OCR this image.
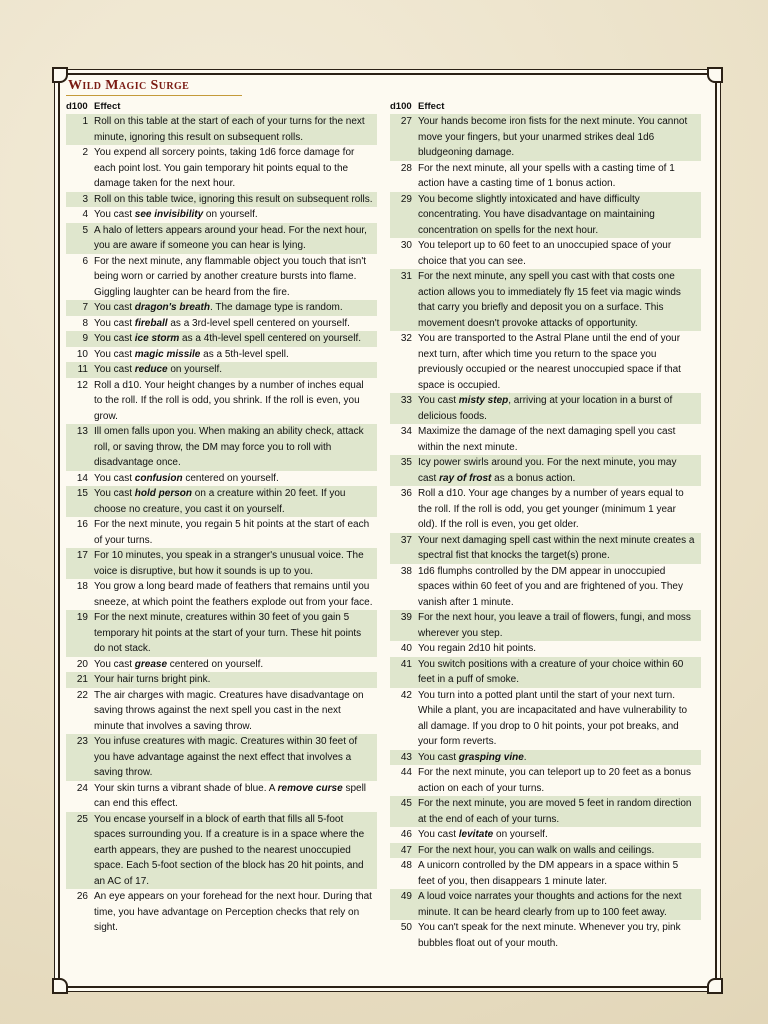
Wild Magic Surge
d100 Effect
1 Roll on this table at the start of each of your turns for the next minute, ignoring this result on subsequent rolls.
2 You expend all sorcery points, taking 1d6 force damage for each point lost. You gain temporary hit points equal to the damage taken for the next hour.
3 Roll on this table twice, ignoring this result on subsequent rolls.
4 You cast see invisibility on yourself.
5 A halo of letters appears around your head. For the next hour, you are aware if someone you can hear is lying.
6 For the next minute, any flammable object you touch that isn't being worn or carried by another creature bursts into flame. Giggling laughter can be heard from the fire.
7 You cast dragon's breath. The damage type is random.
8 You cast fireball as a 3rd-level spell centered on yourself.
9 You cast ice storm as a 4th-level spell centered on yourself.
10 You cast magic missile as a 5th-level spell.
11 You cast reduce on yourself.
12 Roll a d10. Your height changes by a number of inches equal to the roll. If the roll is odd, you shrink. If the roll is even, you grow.
13 Ill omen falls upon you. When making an ability check, attack roll, or saving throw, the DM may force you to roll with disadvantage once.
14 You cast confusion centered on yourself.
15 You cast hold person on a creature within 20 feet. If you choose no creature, you cast it on yourself.
16 For the next minute, you regain 5 hit points at the start of each of your turns.
17 For 10 minutes, you speak in a stranger's unusual voice. The voice is disruptive, but how it sounds is up to you.
18 You grow a long beard made of feathers that remains until you sneeze, at which point the feathers explode out from your face.
19 For the next minute, creatures within 30 feet of you gain 5 temporary hit points at the start of your turn. These hit points do not stack.
20 You cast grease centered on yourself.
21 Your hair turns bright pink.
22 The air charges with magic. Creatures have disadvantage on saving throws against the next spell you cast in the next minute that involves a saving throw.
23 You infuse creatures with magic. Creatures within 30 feet of you have advantage against the next effect that involves a saving throw.
24 Your skin turns a vibrant shade of blue. A remove curse spell can end this effect.
25 You encase yourself in a block of earth that fills all 5-foot spaces surrounding you. If a creature is in a space where the earth appears, they are pushed to the nearest unoccupied space. Each 5-foot section of the block has 20 hit points, and an AC of 17.
26 An eye appears on your forehead for the next hour. During that time, you have advantage on Perception checks that rely on sight.
d100 Effect
27 Your hands become iron fists for the next minute. You cannot move your fingers, but your unarmed strikes deal 1d6 bludgeoning damage.
28 For the next minute, all your spells with a casting time of 1 action have a casting time of 1 bonus action.
29 You become slightly intoxicated and have difficulty concentrating. You have disadvantage on maintaining concentration on spells for the next hour.
30 You teleport up to 60 feet to an unoccupied space of your choice that you can see.
31 For the next minute, any spell you cast with that costs one action allows you to immediately fly 15 feet via magic winds that carry you briefly and deposit you on a surface. This movement doesn't provoke attacks of opportunity.
32 You are transported to the Astral Plane until the end of your next turn, after which time you return to the space you previously occupied or the nearest unoccupied space if that space is occupied.
33 You cast misty step, arriving at your location in a burst of delicious foods.
34 Maximize the damage of the next damaging spell you cast within the next minute.
35 Icy power swirls around you. For the next minute, you may cast ray of frost as a bonus action.
36 Roll a d10. Your age changes by a number of years equal to the roll. If the roll is odd, you get younger (minimum 1 year old). If the roll is even, you get older.
37 Your next damaging spell cast within the next minute creates a spectral fist that knocks the target(s) prone.
38 1d6 flumphs controlled by the DM appear in unoccupied spaces within 60 feet of you and are frightened of you. They vanish after 1 minute.
39 For the next hour, you leave a trail of flowers, fungi, and moss wherever you step.
40 You regain 2d10 hit points.
41 You switch positions with a creature of your choice within 60 feet in a puff of smoke.
42 You turn into a potted plant until the start of your next turn. While a plant, you are incapacitated and have vulnerability to all damage. If you drop to 0 hit points, your pot breaks, and your form reverts.
43 You cast grasping vine.
44 For the next minute, you can teleport up to 20 feet as a bonus action on each of your turns.
45 For the next minute, you are moved 5 feet in random direction at the end of each of your turns.
46 You cast levitate on yourself.
47 For the next hour, you can walk on walls and ceilings.
48 A unicorn controlled by the DM appears in a space within 5 feet of you, then disappears 1 minute later.
49 A loud voice narrates your thoughts and actions for the next minute. It can be heard clearly from up to 100 feet away.
50 You can't speak for the next minute. Whenever you try, pink bubbles float out of your mouth.
